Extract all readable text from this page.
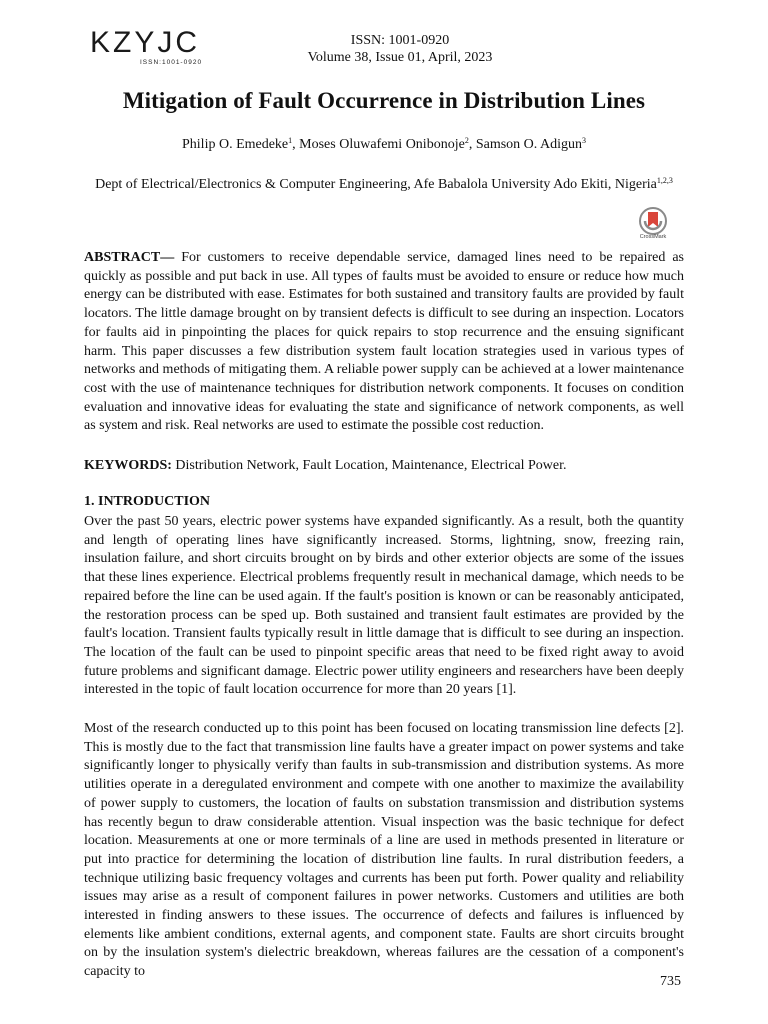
KZYJC
ISSN:1001-0920
ISSN: 1001-0920
Volume 38, Issue 01, April, 2023
Mitigation of Fault Occurrence in Distribution Lines
Philip O. Emedeke$^1$, Moses Oluwafemi Onibonoje$^2$, Samson O. Adigun$^3$
Dept of Electrical/Electronics & Computer Engineering, Afe Babalola University Ado Ekiti, Nigeria$^{1,2,3}$
CrossMark

ABSTRACT— For customers to receive dependable service, damaged lines need to be repaired as quickly as possible and put back in use. All types of faults must be avoided to ensure or reduce how much energy can be distributed with ease. Estimates for both sustained and transitory faults are provided by fault locators. The little damage brought on by transient defects is difficult to see during an inspection. Locators for faults aid in pinpointing the places for quick repairs to stop recurrence and the ensuing significant harm. This paper discusses a few distribution system fault location strategies used in various types of networks and methods of mitigating them. A reliable power supply can be achieved at a lower maintenance cost with the use of maintenance techniques for distribution network components. It focuses on condition evaluation and innovative ideas for evaluating the state and significance of network components, as well as system and risk. Real networks are used to estimate the possible cost reduction.

KEYWORDS: Distribution Network, Fault Location, Maintenance, Electrical Power.

1. INTRODUCTION

Over the past 50 years, electric power systems have expanded significantly. As a result, both the quantity and length of operating lines have significantly increased. Storms, lightning, snow, freezing rain, insulation failure, and short circuits brought on by birds and other exterior objects are some of the issues that these lines experience. Electrical problems frequently result in mechanical damage, which needs to be repaired before the line can be used again. If the fault's position is known or can be reasonably anticipated, the restoration process can be sped up. Both sustained and transient fault estimates are provided by the fault's location. Transient faults typically result in little damage that is difficult to see during an inspection. The location of the fault can be used to pinpoint specific areas that need to be fixed right away to avoid future problems and significant damage. Electric power utility engineers and researchers have been deeply interested in the topic of fault location occurrence for more than 20 years [1].

Most of the research conducted up to this point has been focused on locating transmission line defects [2]. This is mostly due to the fact that transmission line faults have a greater impact on power systems and take significantly longer to physically verify than faults in sub-transmission and distribution systems. As more utilities operate in a deregulated environment and compete with one another to maximize the availability of power supply to customers, the location of faults on substation transmission and distribution systems has recently begun to draw considerable attention. Visual inspection was the basic technique for defect location. Measurements at one or more terminals of a line are used in methods presented in literature or put into practice for determining the location of distribution line faults. In rural distribution feeders, a technique utilizing basic frequency voltages and currents has been put forth. Power quality and reliability issues may arise as a result of component failures in power networks. Customers and utilities are both interested in finding answers to these issues. The occurrence of defects and failures is influenced by elements like ambient conditions, external agents, and component state. Faults are short circuits brought on by the insulation system's dielectric breakdown, whereas failures are the cessation of a component's capacity to

735
